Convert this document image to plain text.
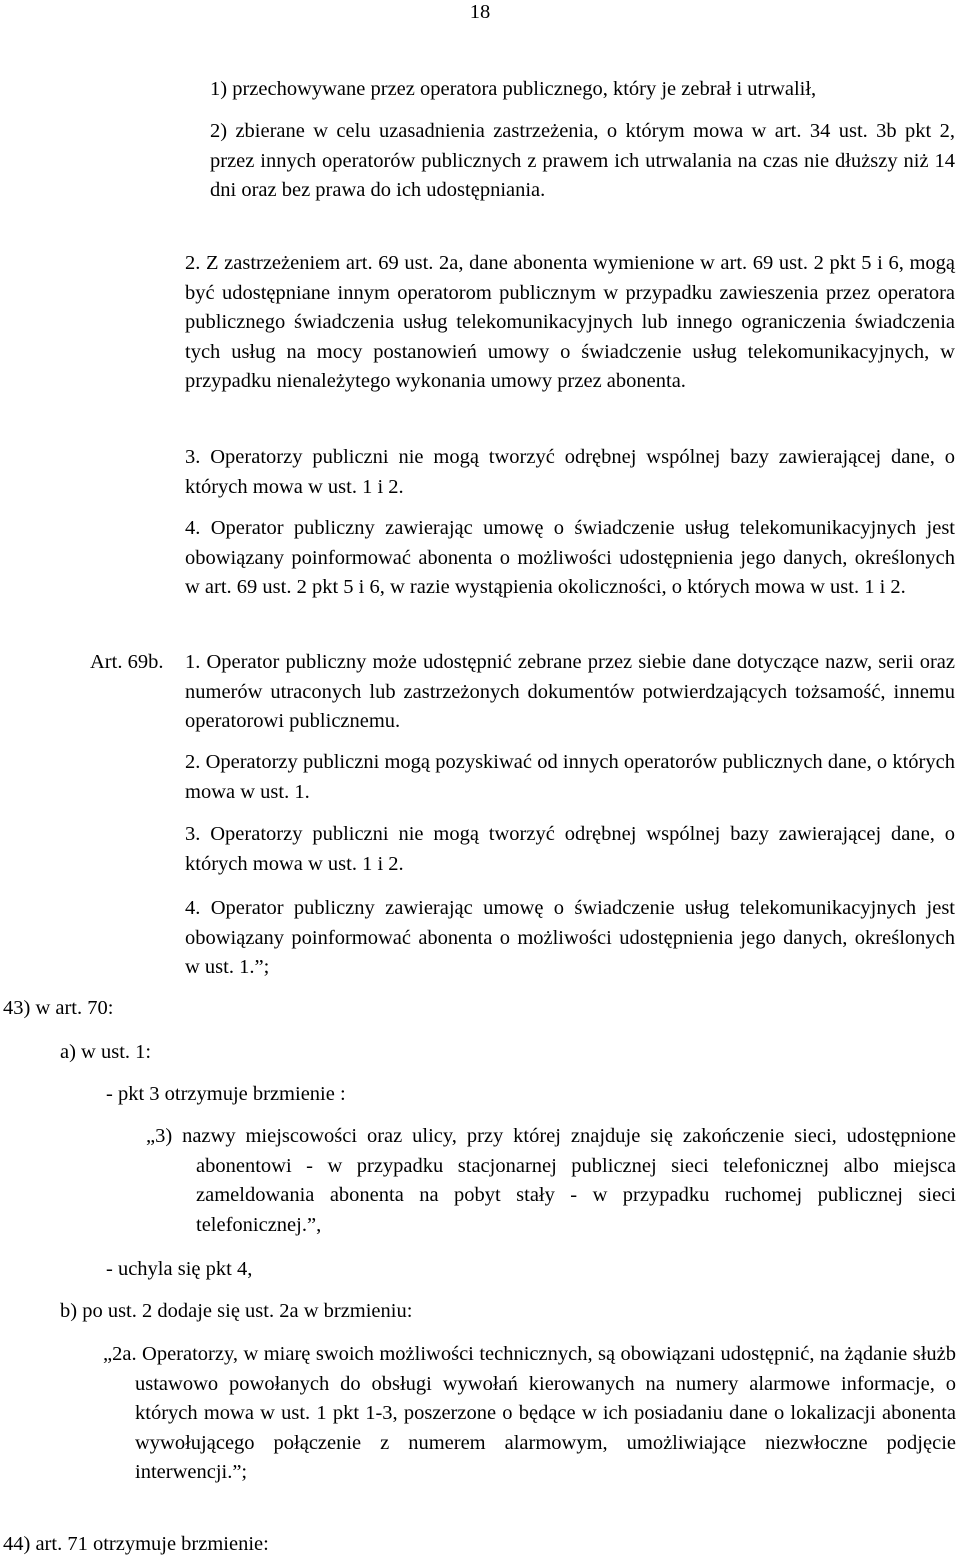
18

1) przechowywane przez operatora publicznego, który je zebrał i utrwalił,

2) zbierane w celu uzasadnienia zastrzeżenia, o którym mowa w art. 34 ust. 3b pkt 2, przez innych operatorów publicznych z prawem ich utrwalania na czas nie dłuższy niż 14 dni oraz bez prawa do ich udostępniania.

2. Z zastrzeżeniem art. 69 ust. 2a, dane abonenta wymienione w art. 69 ust. 2 pkt 5 i 6, mogą być udostępniane innym operatorom publicznym w przypadku zawieszenia przez operatora publicznego świadczenia usług telekomunikacyjnych lub innego ograniczenia świadczenia tych usług na mocy postanowień umowy o świadczenie usług telekomunikacyjnych, w przypadku nienależytego wykonania umowy przez abonenta.

3. Operatorzy publiczni nie mogą tworzyć odrębnej wspólnej bazy zawierającej dane, o których mowa w ust. 1 i 2.

4. Operator publiczny zawierając umowę o świadczenie usług telekomunikacyjnych jest obowiązany poinformować abonenta o możliwości udostępnienia jego danych, określonych w art. 69 ust. 2 pkt 5 i 6, w razie wystąpienia okoliczności, o których mowa w ust. 1 i 2.

Art. 69b. 1. Operator publiczny może udostępnić zebrane przez siebie dane dotyczące nazw, serii oraz numerów utraconych lub zastrzeżonych dokumentów potwierdzających tożsamość, innemu operatorowi publicznemu.

2. Operatorzy publiczni mogą pozyskiwać od innych operatorów publicznych dane, o których mowa w ust. 1.

3. Operatorzy publiczni nie mogą tworzyć odrębnej wspólnej bazy zawierającej dane, o których mowa w ust. 1 i 2.

4. Operator publiczny zawierając umowę o świadczenie usług telekomunikacyjnych jest obowiązany poinformować abonenta o możliwości udostępnienia jego danych, określonych w ust. 1.”;

43) w art. 70:

a) w ust. 1:

- pkt 3 otrzymuje brzmienie :

„3) nazwy miejscowości oraz ulicy, przy której znajduje się zakończenie sieci, udostępnione abonentowi - w przypadku stacjonarnej publicznej sieci telefonicznej albo miejsca zameldowania abonenta na pobyt stały - w przypadku ruchomej publicznej sieci telefonicznej.”,

- uchyla się pkt 4,

b) po ust. 2 dodaje się ust. 2a w brzmieniu:

„2a. Operatorzy, w miarę swoich możliwości technicznych, są obowiązani udostępnić, na żądanie służb ustawowo powołanych do obsługi wywołań kierowanych na numery alarmowe informacje, o których mowa w ust. 1 pkt 1-3, poszerzone o będące w ich posiadaniu dane o lokalizacji abonenta wywołującego połączenie z numerem alarmowym, umożliwiające niezwłoczne podjęcie interwencji.”;

44) art. 71 otrzymuje brzmienie:
